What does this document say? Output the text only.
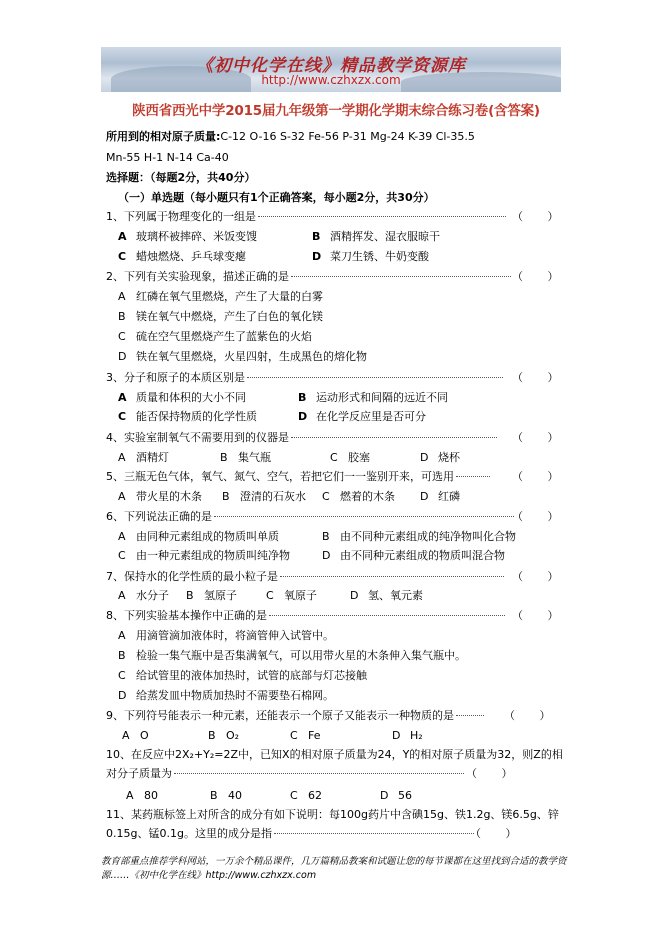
《初中化学在线》精品教学资源库
http://www.czhxzx.com
陕西省西光中学2015届九年级第一学期化学期末综合练习卷(含答案)
所用到的相对原子质量:C-12 O-16 S-32 Fe-56 P-31 Mg-24 K-39 Cl-35.5
Mn-55 H-1 N-14 Ca-40
选择题：（每题2分，共40分）
（一）单选题（每小题只有1个正确答案，每小题2分，共30分）
1、下列属于物理变化的一组是	（       ）
A 玻璃杯被摔碎、米饭变馊	B 酒精挥发、湿衣服晾干
C 蜡烛燃烧、乒乓球变瘪	D 菜刀生锈、牛奶变酸
2、下列有关实验现象，描述正确的是	（       ）
A 红磷在氧气里燃烧，产生了大量的白雾
B 镁在氧气中燃烧，产生了白色的氧化镁
C 硫在空气里燃烧产生了蓝紫色的火焰
D 铁在氧气里燃烧，火星四射，生成黑色的熔化物
3、分子和原子的本质区别是	（       ）
A 质量和体积的大小不同	B 运动形式和间隔的远近不同
C 能否保持物质的化学性质	D 在化学反应里是否可分
4、实验室制氧气不需要用到的仪器是	（       ）
A 酒精灯	B 集气瓶	C 胶塞	D 烧杯
5、三瓶无色气体，氧气、氮气、空气，若把它们一一鉴别开来，可选用	（       ）
A 带火星的木条 B 澄清的石灰水 C 燃着的木条 D 红磷
6、下列说法正确的是	（       ）
A 由同种元素组成的物质叫单质	B 由不同种元素组成的纯净物叫化合物
C 由一种元素组成的物质叫纯净物	D 由不同种元素组成的物质叫混合物
7、保持水的化学性质的最小粒子是	（       ）
A 水分子 B 氢原子	C 氧原子	D 氢、氧元素
8、下列实验基本操作中正确的是	（       ）
A 用滴管滴加液体时，将滴管伸入试管中。
B 检验一集气瓶中是否集满氧气，可以用带火星的木条伸入集气瓶中。
C 给试管里的液体加热时，试管的底部与灯芯接触
D 给蒸发皿中物质加热时不需要垫石棉网。
9、下列符号能表示一种元素，还能表示一个原子又能表示一种物质的是	（       ）
A O	B O₂	C Fe	D H₂
10、在反应中2X₂+Y₂=2Z中，已知X的相对原子质量为24，Y的相对原子质量为32，则Z的相
对分子质量为	（       ）
A 80	B 40	C 62	D 56
11、某药瓶标签上对所含的成分有如下说明：每100g药片中含碘15g、铁1.2g、镁6.5g、锌
0.15g、锰0.1g。这里的成分是指	（       ）
教育部重点推荐学科网站，一万余个精品课件，几万篇精品教案和试题让您的每节课都在这里找到合适的教学资源……《初中化学在线》http://www.czhxzx.com
